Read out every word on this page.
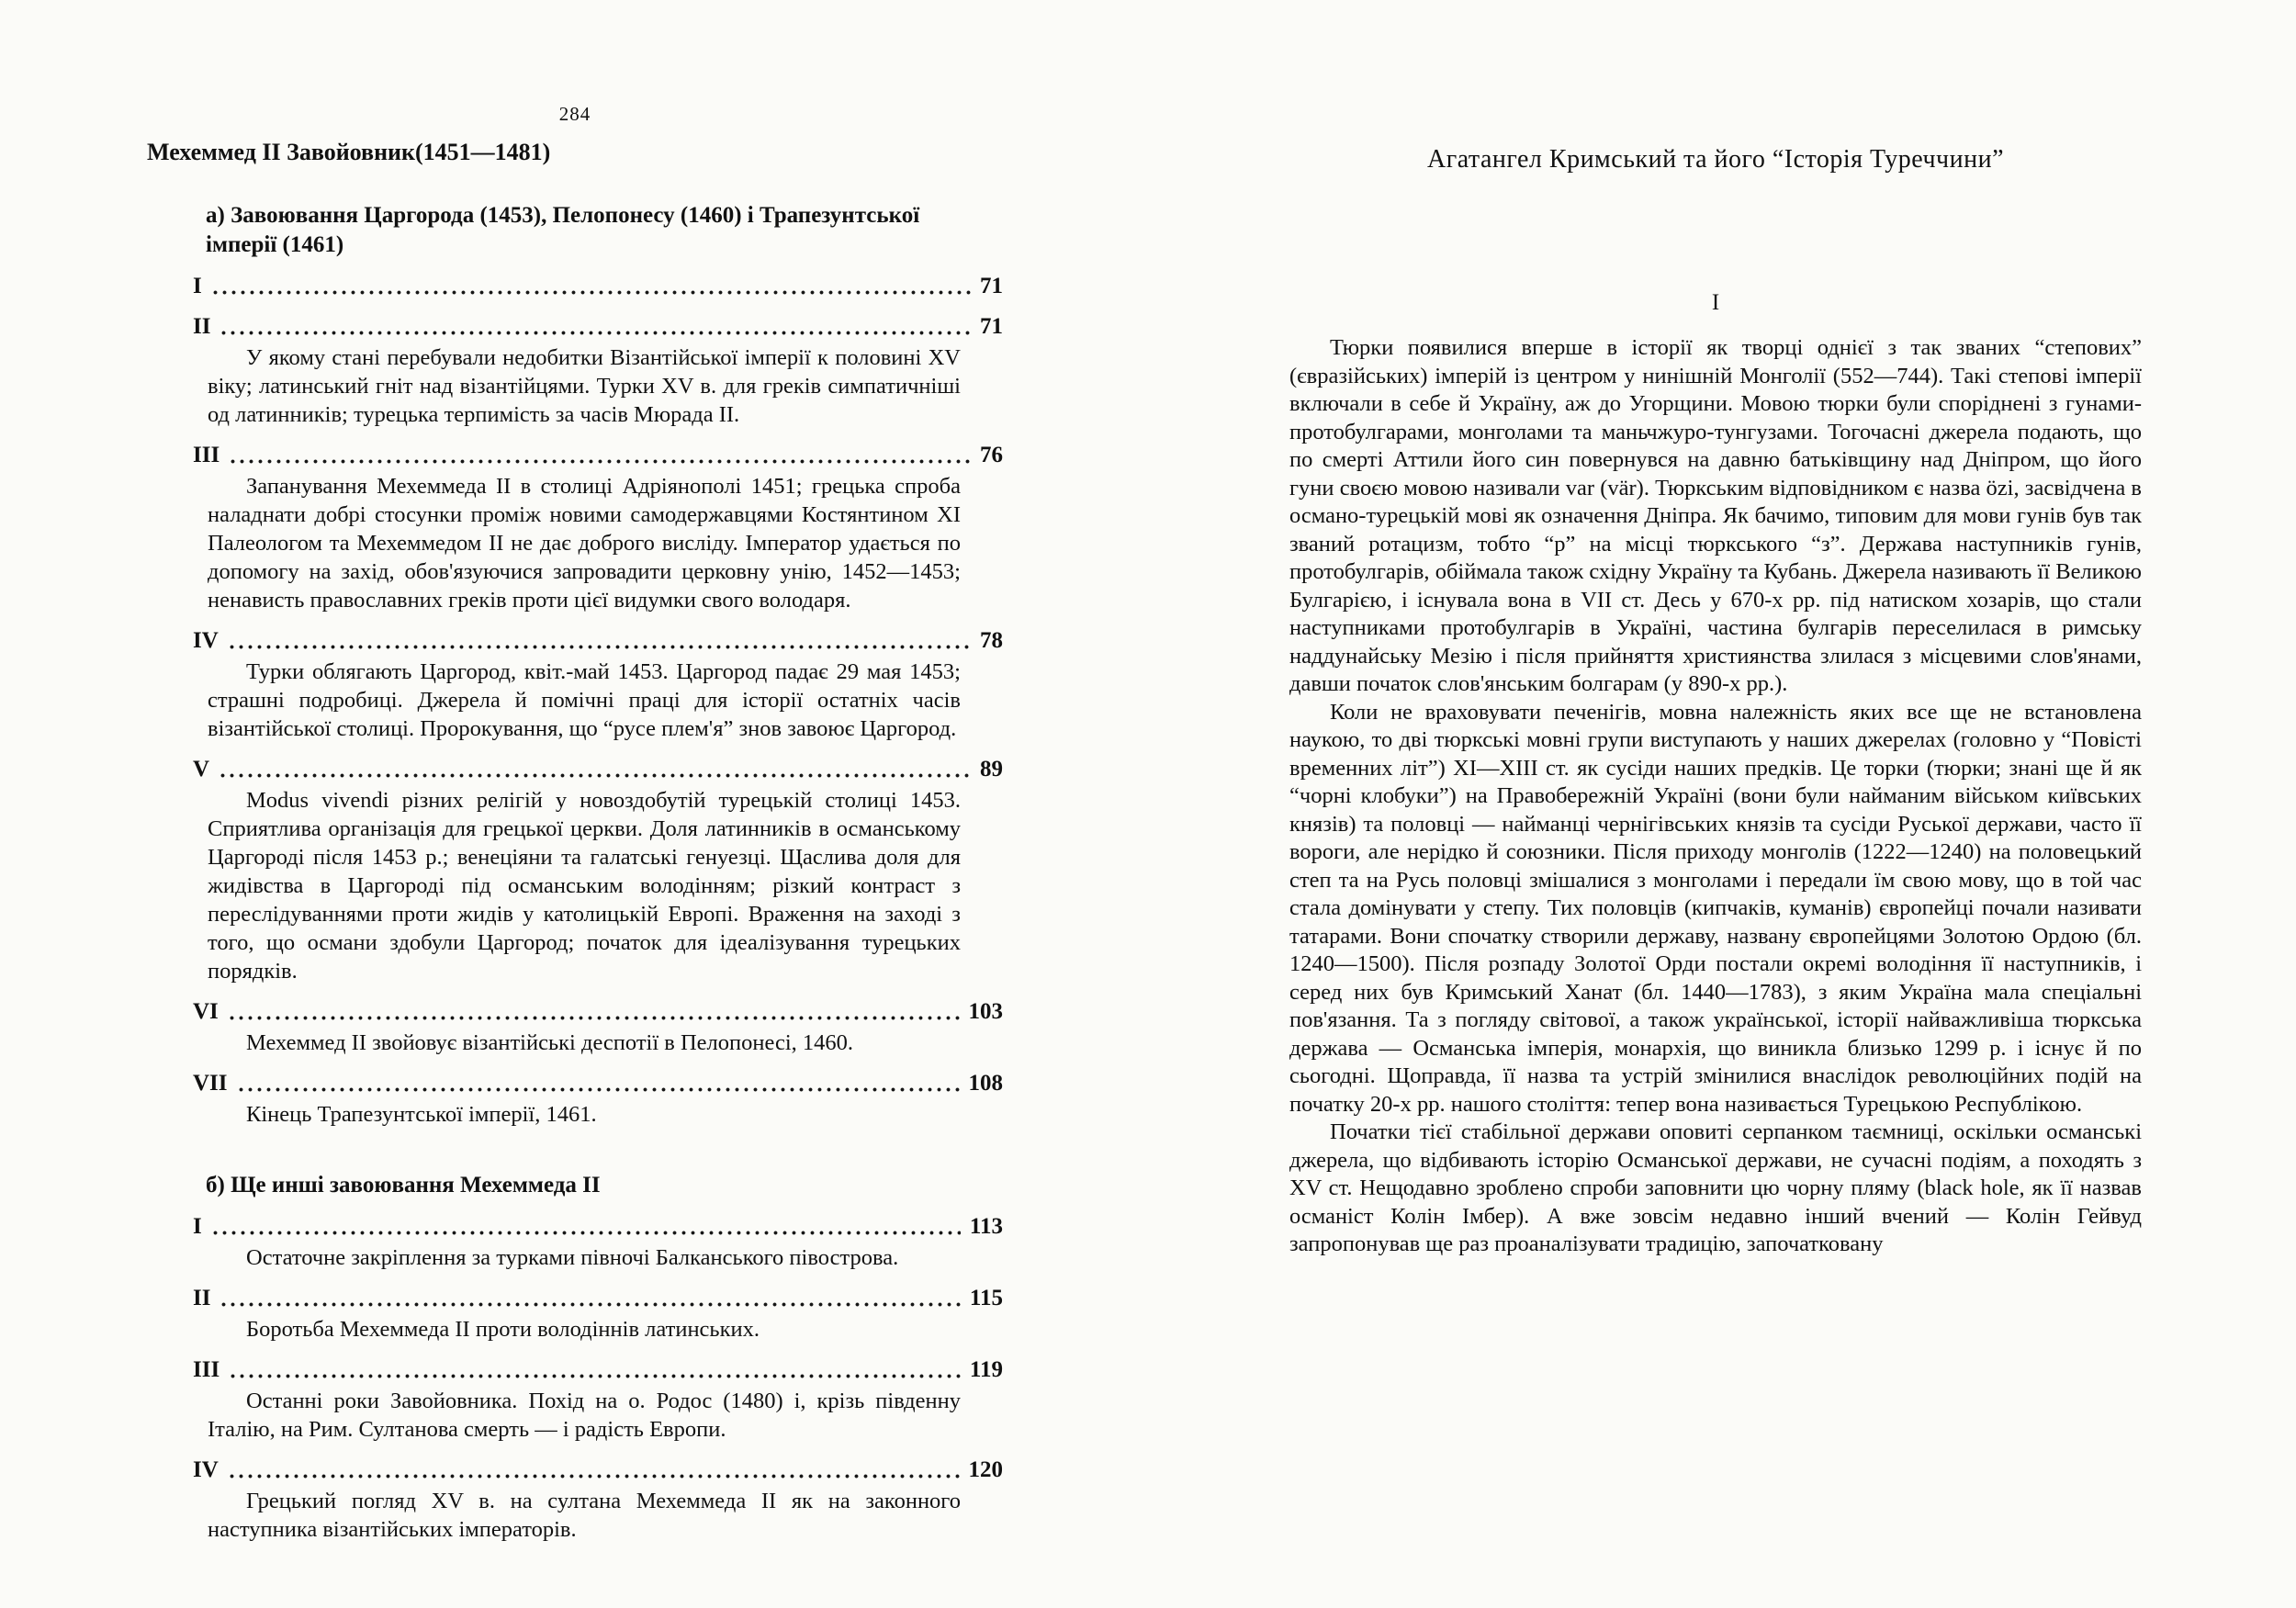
284
Мехеммед II Завойовник(1451—1481)
а) Завоювання Царгорода (1453), Пелопонесу (1460) і Трапезунтської імперії (1461)
I	71
II	71
У якому стані перебували недобитки Візантійської імперії к половині XV віку; латинський гніт над візантійцями. Турки XV в. для греків симпатичніші од латинників; турецька терпимість за часів Мюрада II.
III	76
Запанування Мехеммеда II в столиці Адріянополі 1451; грецька спроба наладнати добрі стосунки проміж новими самодержавцями Костянтином XI Палеологом та Мехеммедом II не дає доброго висліду. Імператор удається по допомогу на захід, обов'язуючися запровадити церковну унію, 1452—1453; ненависть православних греків проти цієї видумки свого володаря.
IV	78
Турки облягають Царгород, квіт.-май 1453. Царгород падає 29 мая 1453; страшні подробиці. Джерела й помічні праці для історії остатніх часів візантійської столиці. Пророкування, що “русе плем'я” знов завоює Царгород.
V	89
Modus vivendi різних релігій у новоздобутій турецькій столиці 1453. Сприятлива організація для грецької церкви. Доля латинників в османському Царгороді після 1453 р.; венеціяни та галатські генуезці. Щаслива доля для жидівства в Царгороді під османським володінням; різкий контраст з переслідуваннями проти жидів у католицькій Европі. Враження на заході з того, що османи здобули Царгород; початок для ідеалізування турецьких порядків.
VI	103
Мехеммед II звойовує візантійські деспотії в Пелопонесі, 1460.
VII	108
Кінець Трапезунтської імперії, 1461.
б) Ще инші завоювання Мехеммеда II
I	113
Остаточне закріплення за турками півночі Балканського півострова.
II	115
Боротьба Мехеммеда II проти володіннів латинських.
III	119
Останні роки Завойовника. Похід на о. Родос (1480) і, крізь південну Італію, на Рим. Султанова смерть — і радість Европи.
IV	120
Грецький погляд XV в. на султана Мехеммеда II як на законного наступника візантійських імператорів.
Агатангел Кримський та його “Історія Туреччини”
I

Тюрки появилися вперше в історії як творці однієї з так званих “степових” (євразійських) імперій із центром у нинішній Монголії (552—744). Такі степові імперії включали в себе й Україну, аж до Угорщини. Мовою тюрки були споріднені з гунами-протобулгарами, монголами та маньчжуро-тунгузами. Тогочасні джерела подають, що по смерті Аттили його син повернувся на давню батьківщину над Дніпром, що його гуни своєю мовою називали var (vär). Тюркським відповідником є назва özi, засвідчена в османо-турецькій мові як означення Дніпра. Як бачимо, типовим для мови гунів був так званий ротацизм, тобто “р” на місці тюркського “з”. Держава наступників гунів, протобулгарів, обіймала також східну Україну та Кубань. Джерела називають її Великою Булгарією, і існувала вона в VII ст. Десь у 670-х рр. під натиском хозарів, що стали наступниками протобулгарів в Україні, частина булгарів переселилася в римську наддунайську Мезію і після прийняття християнства злилася з місцевими слов'янами, давши початок слов'янським болгарам (у 890-х рр.).

Коли не враховувати печенігів, мовна належність яких все ще не встановлена наукою, то дві тюркські мовні групи виступають у наших джерелах (головно у “Повісті временних літ”) XI—XIII ст. як сусіди наших предків. Це торки (тюрки; знані ще й як “чорні клобуки”) на Правобережній Україні (вони були найманим військом київських князів) та половці — найманці чернігівських князів та сусіди Руської держави, часто її вороги, але нерідко й союзники. Після приходу монголів (1222—1240) на половецький степ та на Русь половці змішалися з монголами і передали їм свою мову, що в той час стала домінувати у степу. Тих половців (кипчаків, куманів) європейці почали називати татарами. Вони спочатку створили державу, названу європейцями Золотою Ордою (бл. 1240—1500). Після розпаду Золотої Орди постали окремі володіння її наступників, і серед них був Кримський Ханат (бл. 1440—1783), з яким Україна мала спеціальні пов'язання. Та з погляду світової, а також української, історії найважливіша тюркська держава — Османська імперія, монархія, що виникла близько 1299 р. і існує й по сьогодні. Щоправда, її назва та устрій змінилися внаслідок революційних подій на початку 20-х рр. нашого століття: тепер вона називається Турецькою Республікою.

Початки тієї стабільної держави оповиті серпанком таємниці, оскільки османські джерела, що відбивають історію Османської держави, не сучасні подіям, а походять з XV ст. Нещодавно зроблено спроби заповнити цю чорну пляму (black hole, як її назвав османіст Колін Імбер). А вже зовсім недавно інший вчений — Колін Гейвуд запропонував ще раз проаналізувати традицію, започатковану
